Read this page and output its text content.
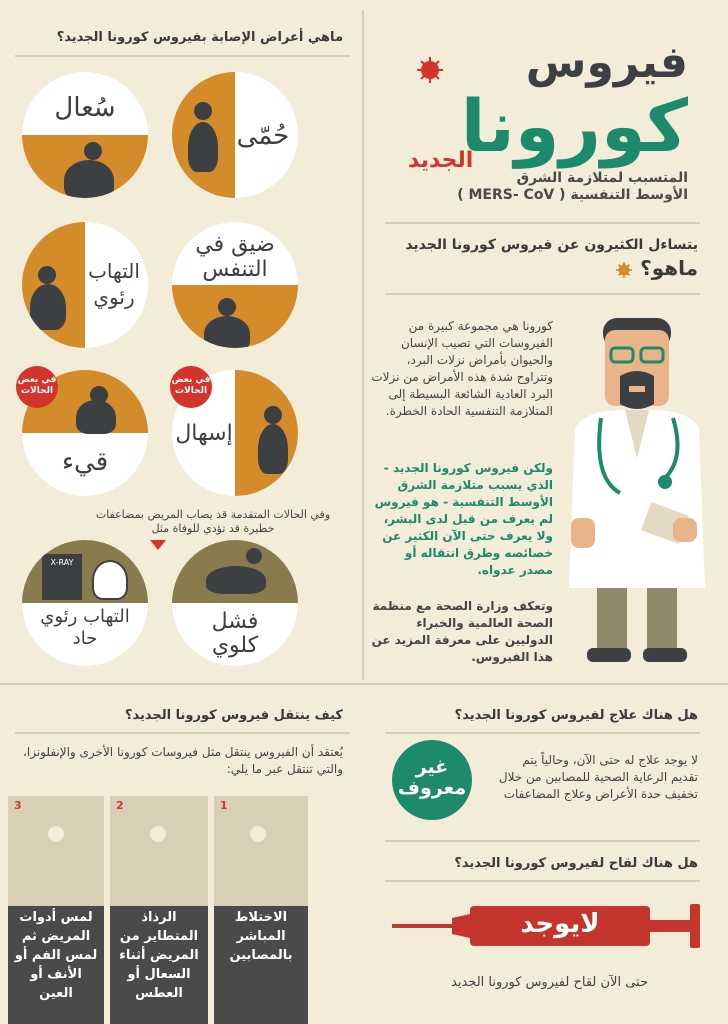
فيروس
كورونا
الجديد
المتسبب لمتلازمة الشرق
الأوسط التنفسية ( MERS- CoV )
يتساءل الكثيرون عن فيروس كورونا الجديد
ماهو؟
كورونا هي مجموعة كبيرة من الفيروسات التي تصيب الإنسان والحيوان بأمراض نزلات البرد، وتتراوح شدة هذه الأمراض من نزلات البرد العادية الشائعة البسيطة إلى المتلازمة التنفسية الحادة الخطرة.
ولكن فيروس كورونا الجديد - الذي يسبب متلازمة الشرق الأوسط التنفسية - هو فيروس لم يعرف من قبل لدى البشر، ولا يعرف حتى الآن الكثير عن خصائصه وطرق انتقاله أو مصدر عدواه.
وتعكف وزارة الصحة مع منظمة الصحة العالمية والخبراء الدوليين على معرفة المزيد عن هذا الفيروس.
ماهي أعراض الإصابة بفيروس كورونا الجديد؟
حُمّى
سُعال
ضيق في التنفس
التهاب رئوي
إسهال
في بعض الحالات
قيء
في بعض الحالات
وفي الحالات المتقدمة قد يصاب المريض بمضاعفات خطيرة قد تؤدي للوفاة مثل
فشل كلوي
X-RAY
التهاب رئوي حاد
كيف ينتقل فيروس كورونا الجديد؟
يُعتقد أن الفيروس ينتقل مثل فيروسات كورونا الأخرى والإنفلونزا، والتي تنتقل عبر ما يلي:
1
الاختلاط المباشر بالمصابين
2
الرذاذ المتطاير من المريض أثناء السعال أو العطس
3
لمس أدوات المريض ثم لمس الفم أو الأنف أو العين
هل هناك علاج لفيروس كورونا الجديد؟
غير معروف
لا يوجد علاج له حتى الآن، وحالياً يتم تقديم الرعاية الصحية للمصابين من خلال تخفيف حدة الأعراض وعلاج المضاعفات
هل هناك لقاح لفيروس كورونا الجديد؟
لايوجد
حتى الآن لقاح لفيروس كورونا الجديد
